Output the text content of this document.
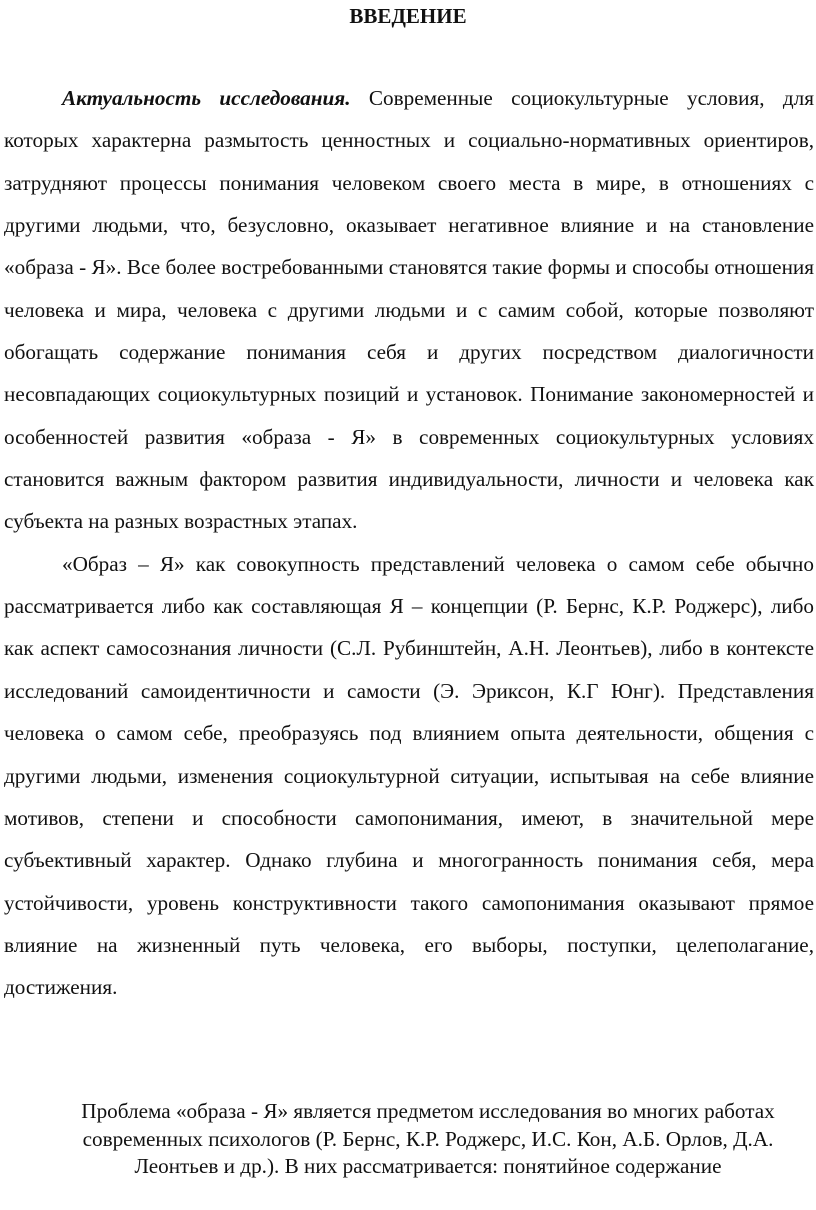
ВВЕДЕНИЕ

Актуальность исследования. Современные социокультурные условия, для которых характерна размытость ценностных и социально-нормативных ориентиров, затрудняют процессы понимания человеком своего места в мире, в отношениях с другими людьми, что, безусловно, оказывает негативное влияние и на становление «образа - Я». Все более востребованными становятся такие формы и способы отношения человека и мира, человека с другими людьми и с самим собой, которые позволяют обогащать содержание понимания себя и других посредством диалогичности несовпадающих социокультурных позиций и установок. Понимание закономерностей и особенностей развития «образа - Я» в современных социокультурных условиях становится важным фактором развития индивидуальности, личности и человека как субъекта на разных возрастных этапах.

«Образ – Я» как совокупность представлений человека о самом себе обычно рассматривается либо как составляющая Я – концепции (Р. Бернс, К.Р. Роджерс), либо как аспект самосознания личности (С.Л. Рубинштейн, А.Н. Леонтьев), либо в контексте исследований самоидентичности и самости (Э. Эриксон, К.Г Юнг). Представления человека о самом себе, преобразуясь под влиянием опыта деятельности, общения с другими людьми, изменения социокультурной ситуации, испытывая на себе влияние мотивов, степени и способности самопонимания, имеют, в значительной мере субъективный характер. Однако глубина и многогранность понимания себя, мера устойчивости, уровень конструктивности такого самопонимания оказывают прямое влияние на жизненный путь человека, его выборы, поступки, целеполагание, достижения.

Проблема «образа - Я» является предметом исследования во многих работах современных психологов (Р. Бернс, К.Р. Роджерс, И.С. Кон, А.Б. Орлов, Д.А. Леонтьев и др.). В них рассматривается: понятийное содержание
